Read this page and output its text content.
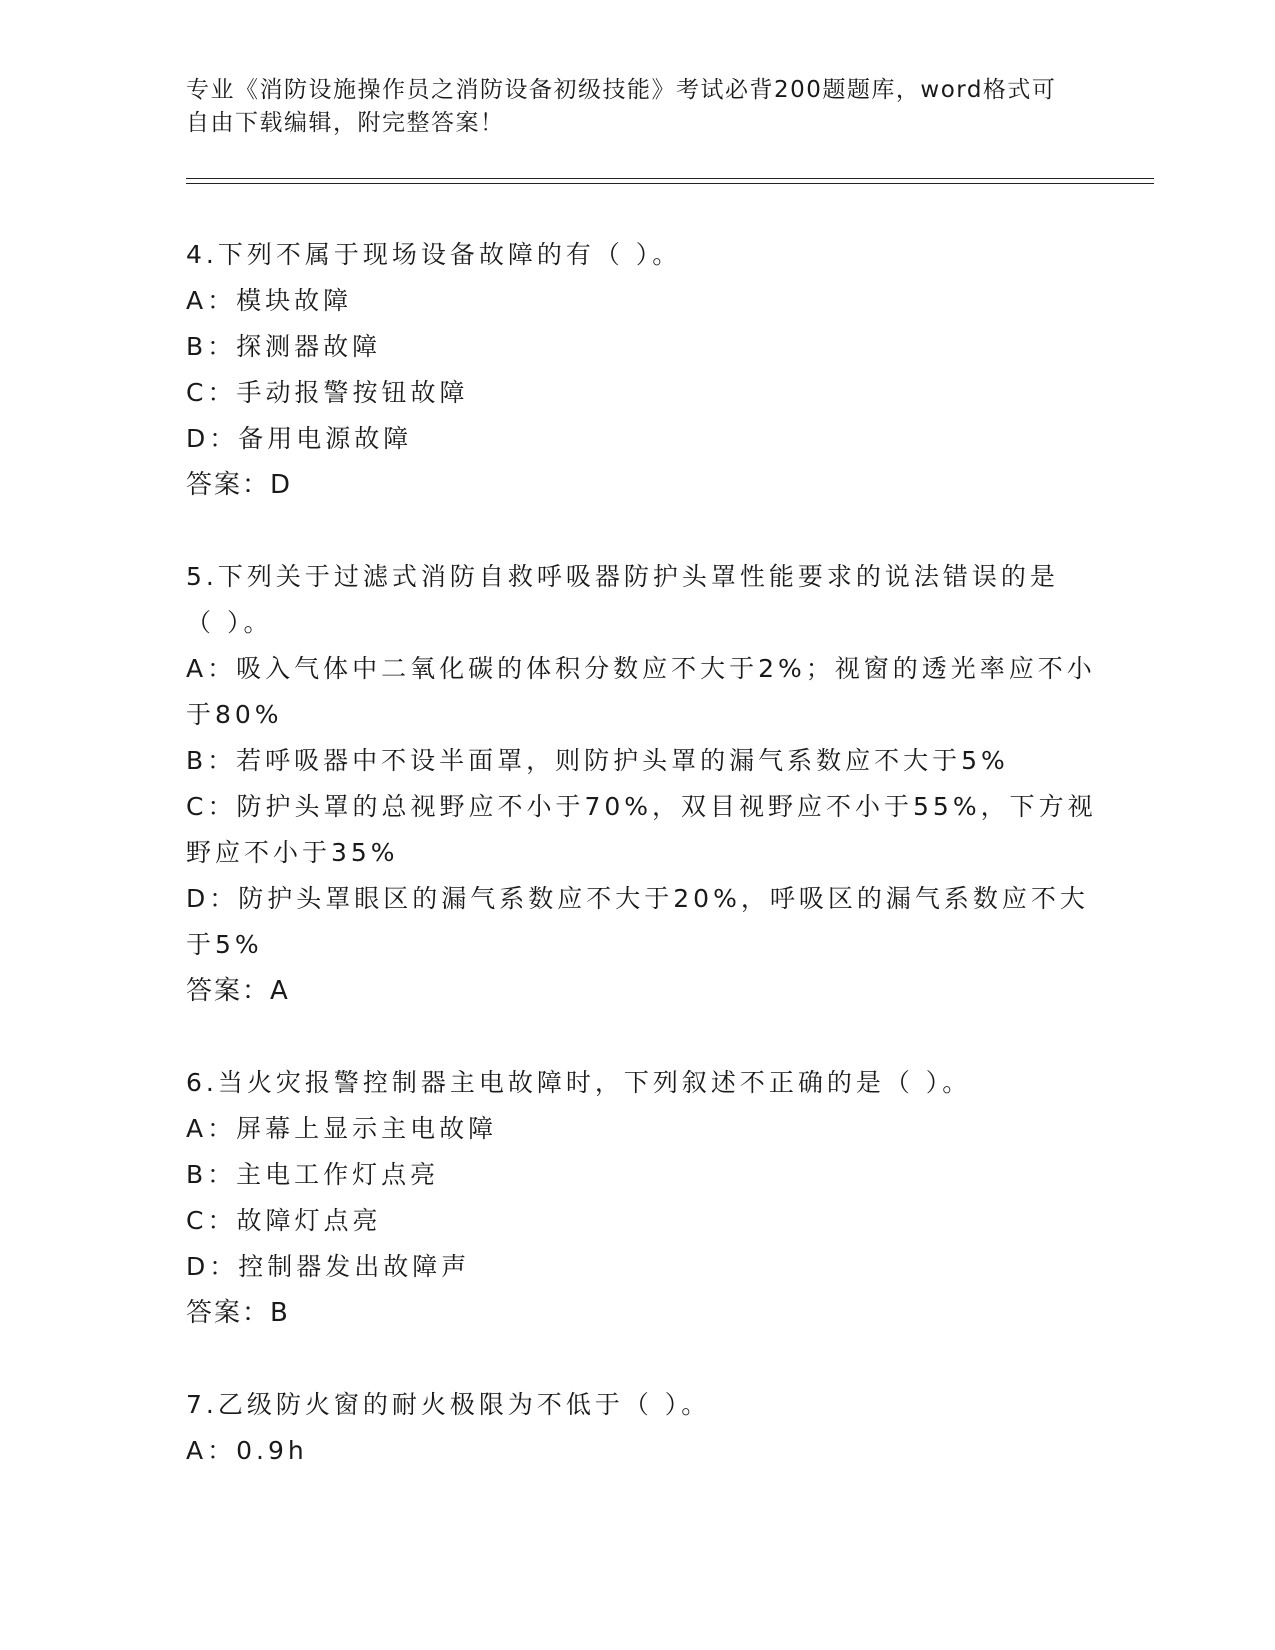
专业《消防设施操作员之消防设备初级技能》考试必背200题题库，word格式可
自由下载编辑，附完整答案！
4.下列不属于现场设备故障的有（ ）。
A：模块故障
B：探测器故障
C：手动报警按钮故障
D：备用电源故障
答案：D
5.下列关于过滤式消防自救呼吸器防护头罩性能要求的说法错误的是
（ ）。
A：吸入气体中二氧化碳的体积分数应不大于2%；视窗的透光率应不小
于80%
B：若呼吸器中不设半面罩，则防护头罩的漏气系数应不大于5%
C：防护头罩的总视野应不小于70%，双目视野应不小于55%，下方视
野应不小于35%
D：防护头罩眼区的漏气系数应不大于20%，呼吸区的漏气系数应不大
于5%
答案：A
6.当火灾报警控制器主电故障时，下列叙述不正确的是（ ）。
A：屏幕上显示主电故障
B：主电工作灯点亮
C：故障灯点亮
D：控制器发出故障声
答案：B
7.乙级防火窗的耐火极限为不低于（ ）。
A：0.9h
